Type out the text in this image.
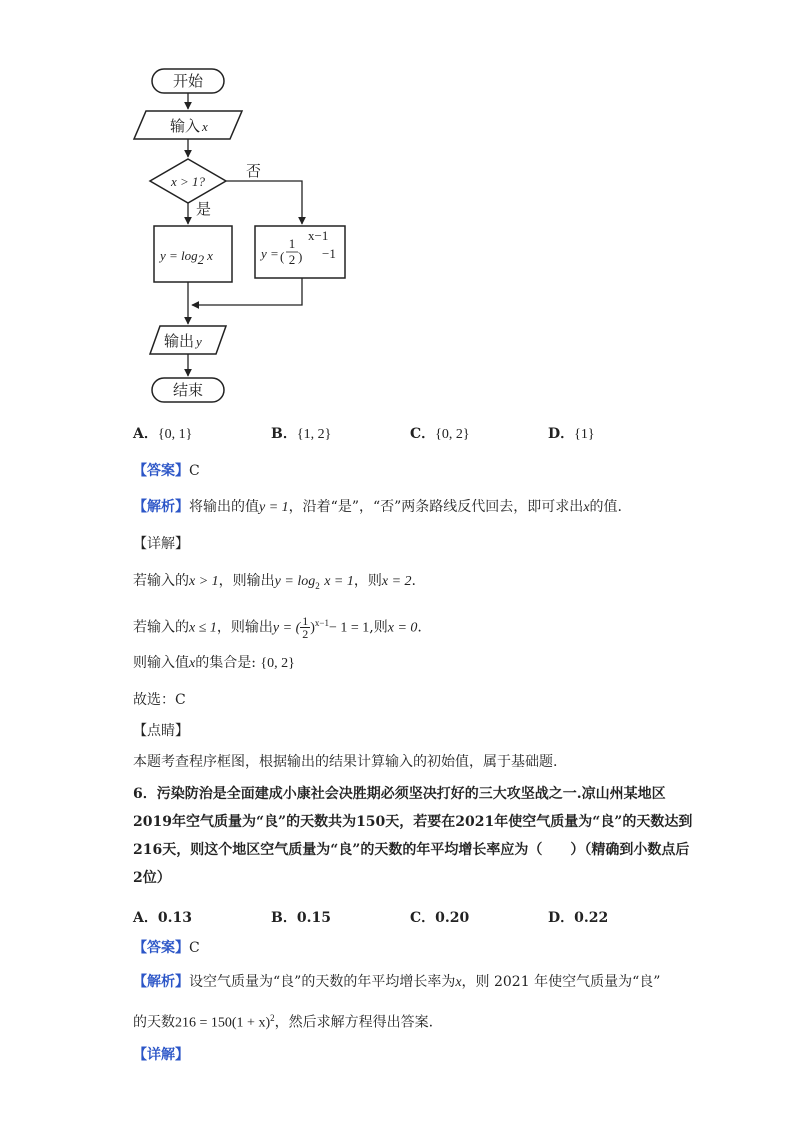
开始
输入 x
x > 1?
否
是
y = log2 x	y = (
1
2 )
x−1
−1
输出 y
结束
A．{0, 1}	B．{1, 2}	C．{0, 2}	D．{1}
【答案】C
【解析】将输出的值y = 1，沿着“是”，“否”两条路线反代回去，即可求出x的值.
【详解】
若输入的x > 1，则输出$y = \log_2 x = 1$，则x = 2.
若输入的x ≤ 1，则输出y = ( $\frac{1}{2} )^{x-1}- 1 = 1$,则x = 0.
则输入值x的集合是: {0, 2}
故选：C
【点睛】
本题考查程序框图，根据输出的结果计算输入的初始值，属于基础题.
6．污染防治是全面建成小康社会决胜期必须坚决打好的三大攻坚战之一.凉山州某地区2019年空气质量为“良”的天数共为150天，若要在2021年使空气质量为“良”的天数达到216天，则这个地区空气质量为“良”的天数的年平均增长率应为（　　）（精确到小数点后2位）
A．0.13	B．0.15	C．0.20	D．0.22
【答案】C
【解析】设空气质量为“良”的天数的年平均增长率为x，则 2021 年使空气质量为“良”
的天数$216 = 150(1 + x)^2$，然后求解方程得出答案.
【详解】
